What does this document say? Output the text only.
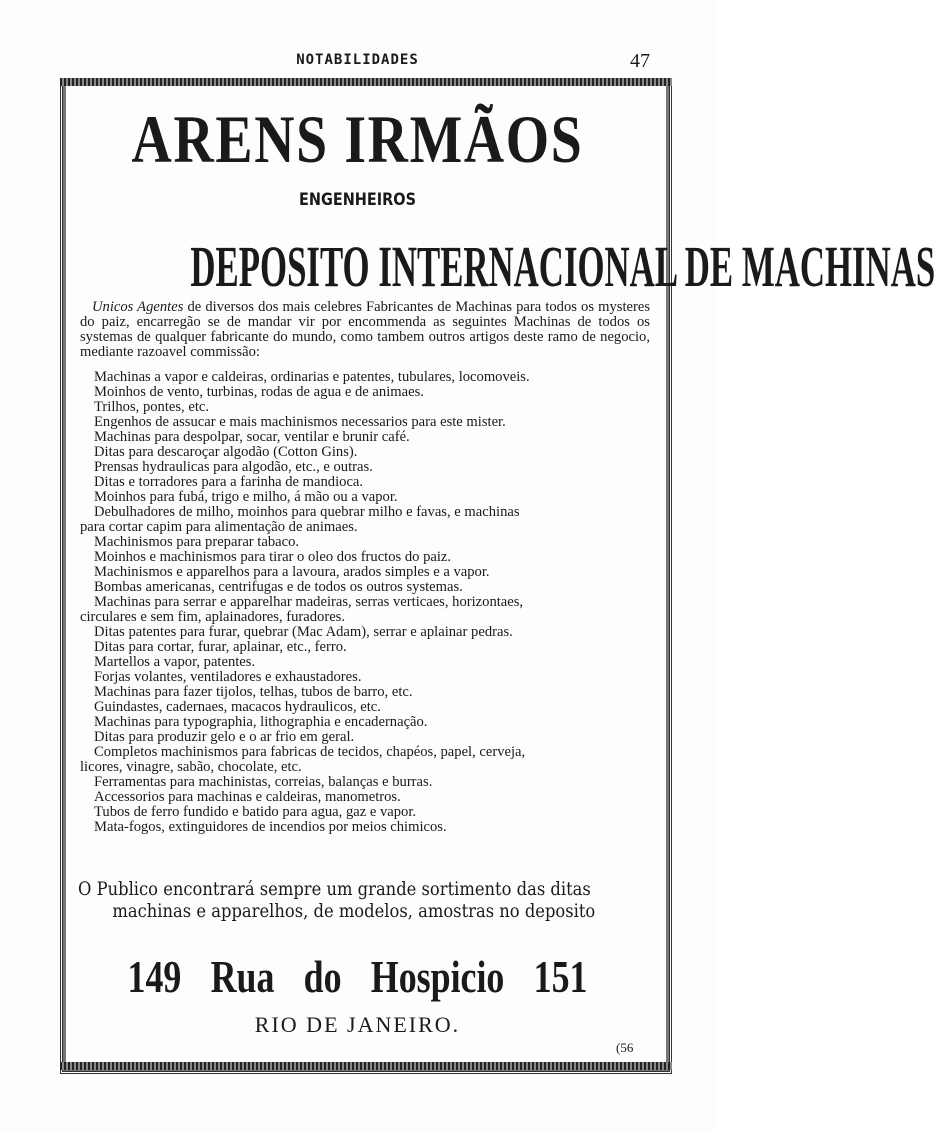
NOTABILIDADES	47
ARENS IRMÃOS
ENGENHEIROS
DEPOSITO INTERNACIONAL DE MACHINAS

Unicos Agentes de diversos dos mais celebres Fabricantes de Machinas para todos os mysteres do paiz, encarregão se de mandar vir por encommenda as seguintes Machinas de todos os systemas de qualquer fabricante do mundo, como tambem outros artigos deste ramo de negocio, mediante razoavel commissão:

Machinas a vapor e caldeiras, ordinarias e patentes, tubulares, locomoveis.
Moinhos de vento, turbinas, rodas de agua e de animaes.
Trilhos, pontes, etc.
Engenhos de assucar e mais machinismos necessarios para este mister.
Machinas para despolpar, socar, ventilar e brunir café.
Ditas para descaroçar algodão (Cotton Gins).
Prensas hydraulicas para algodão, etc., e outras.
Ditas e torradores para a farinha de mandioca.
Moinhos para fubá, trigo e milho, á mão ou a vapor.
Debulhadores de milho, moinhos para quebrar milho e favas, e machinas
para cortar capim para alimentação de animaes.
Machinismos para preparar tabaco.
Moinhos e machinismos para tirar o oleo dos fructos do paiz.
Machinismos e apparelhos para a lavoura, arados simples e a vapor.
Bombas americanas, centrifugas e de todos os outros systemas.
Machinas para serrar e apparelhar madeiras, serras verticaes, horizontaes,
circulares e sem fim, aplainadores, furadores.
Ditas patentes para furar, quebrar (Mac Adam), serrar e aplainar pedras.
Ditas para cortar, furar, aplainar, etc., ferro.
Martellos a vapor, patentes.
Forjas volantes, ventiladores e exhaustadores.
Machinas para fazer tijolos, telhas, tubos de barro, etc.
Guindastes, cadernaes, macacos hydraulicos, etc.
Machinas para typographia, lithographia e encadernação.
Ditas para produzir gelo e o ar frio em geral.
Completos machinismos para fabricas de tecidos, chapéos, papel, cerveja,
licores, vinagre, sabão, chocolate, etc.
Ferramentas para machinistas, correias, balanças e burras.
Accessorios para machinas e caldeiras, manometros.
Tubos de ferro fundido e batido para agua, gaz e vapor.
Mata-fogos, extinguidores de incendios por meios chimicos.
O Publico encontrará sempre um grande sortimento das ditas
machinas e apparelhos, de modelos, amostras no deposito
149 Rua do Hospicio 151
RIO DE JANEIRO.
(56
